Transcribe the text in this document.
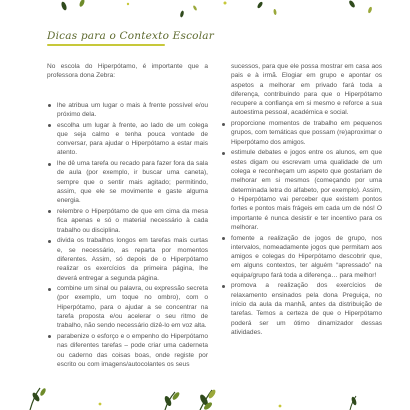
Dicas para o Contexto Escolar

No escola do Hiperpótamo, é importante que a professora dona Zebra:

lhe atribua um lugar o mais à frente possível e/ou próximo dela.
escolha um lugar à frente, ao lado de um colega que seja calmo e tenha pouca vontade de conversar, para ajudar o Hiperpótamo a estar mais atento.
lhe dê uma tarefa ou recado para fazer fora da sala de aula (por exemplo, ir buscar uma caneta), sempre que o sentir mais agitado; permitindo, assim, que ele se movimente e gaste alguma energia.
relembre o Hiperpótamo de que em cima da mesa fica apenas e só o material necessário à cada trabalho ou disciplina.
divida os trabalhos longos em tarefas mais curtas e, se necessário, as reparta por momentos diferentes. Assim, só depois de o Hiperpótamo realizar os exercícios da primeira página, lhe deverá entregar a segunda página.
combine um sinal ou palavra, ou expressão secreta (por exemplo, um toque no ombro), com o Hiperpótamo, para o ajudar a se concentrar na tarefa proposta e/ou acelerar o seu ritmo de trabalho, não sendo necessário dizê-lo em voz alta.
parabenize o esforço e o empenho do Hiperpótamo nas diferentes tarefas – pode criar uma caderneta ou caderno das coisas boas, onde registe por escrito ou com imagens/autocolantes os seus

sucessos, para que ele possa mostrar em casa aos pais e à irmã. Elogiar em grupo e apontar os aspetos a melhorar em privado fará toda a diferença, contribuindo para que o Hiperpótamo recupere a confiança em si mesmo e reforce a sua autoestima pessoal, académica e social.

proporcione momentos de trabalho em pequenos grupos, com temáticas que possam (re)aproximar o Hiperpótamo dos amigos.
estimule debates e jogos entre os alunos, em que estes digam ou escrevam uma qualidade de um colega e reconheçam um aspeto que gostariam de melhorar em si mesmos (começando por uma determinada letra do alfabeto, por exemplo). Assim, o Hiperpótamo vai perceber que existem pontos fortes e pontos mais frágeis em cada um de nós! O importante é nunca desistir e ter incentivo para os melhorar.
fomente a realização de jogos de grupo, nos intervalos, nomeadamente jogos que permitam aos amigos e colegas do Hiperpótamo descobrir que, em alguns contextos, ter alguém “apressado” na equipa/grupo fará toda a diferença… para melhor!
promova a realização dos exercícios de relaxamento ensinados pela dona Preguiça, no início da aula da manhã, antes da distribuição de tarefas. Temos a certeza de que o Hiperpótamo poderá ser um ótimo dinamizador dessas atividades.
